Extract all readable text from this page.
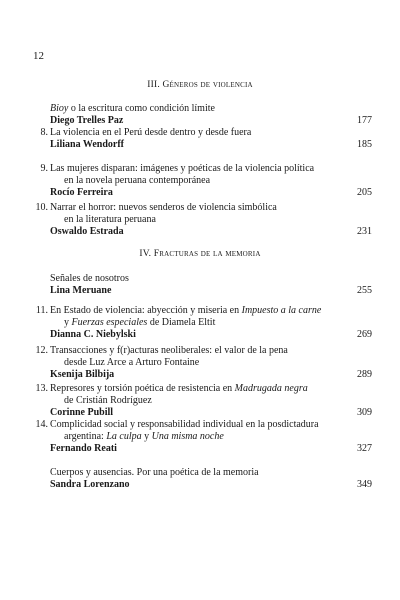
12
III. Géneros de violencia
Bioy o la escritura como condición límite
Diego Trelles Paz	177
8. La violencia en el Perú desde dentro y desde fuera
Liliana Wendorff	185
9. Las mujeres disparan: imágenes y poéticas de la violencia política
en la novela peruana contemporánea
Rocío Ferreira	205
10. Narrar el horror: nuevos senderos de violencia simbólica
en la literatura peruana
Oswaldo Estrada	231
IV. Fracturas de la memoria
Señales de nosotros
Lina Meruane	255
11. En Estado de violencia: abyección y miseria en Impuesto a la carne
y Fuerzas especiales de Diamela Eltit
Dianna C. Niebylski	269
12. Transacciones y f(r)acturas neoliberales: el valor de la pena
desde Luz Arce a Arturo Fontaine
Ksenija Bilbija	289
13. Represores y torsión poética de resistencia en Madrugada negra
de Cristián Rodríguez
Corinne Pubill	309
14. Complicidad social y responsabilidad individual en la posdictadura
argentina: La culpa y Una misma noche
Fernando Reati	327
Cuerpos y ausencias. Por una poética de la memoria
Sandra Lorenzano	349
